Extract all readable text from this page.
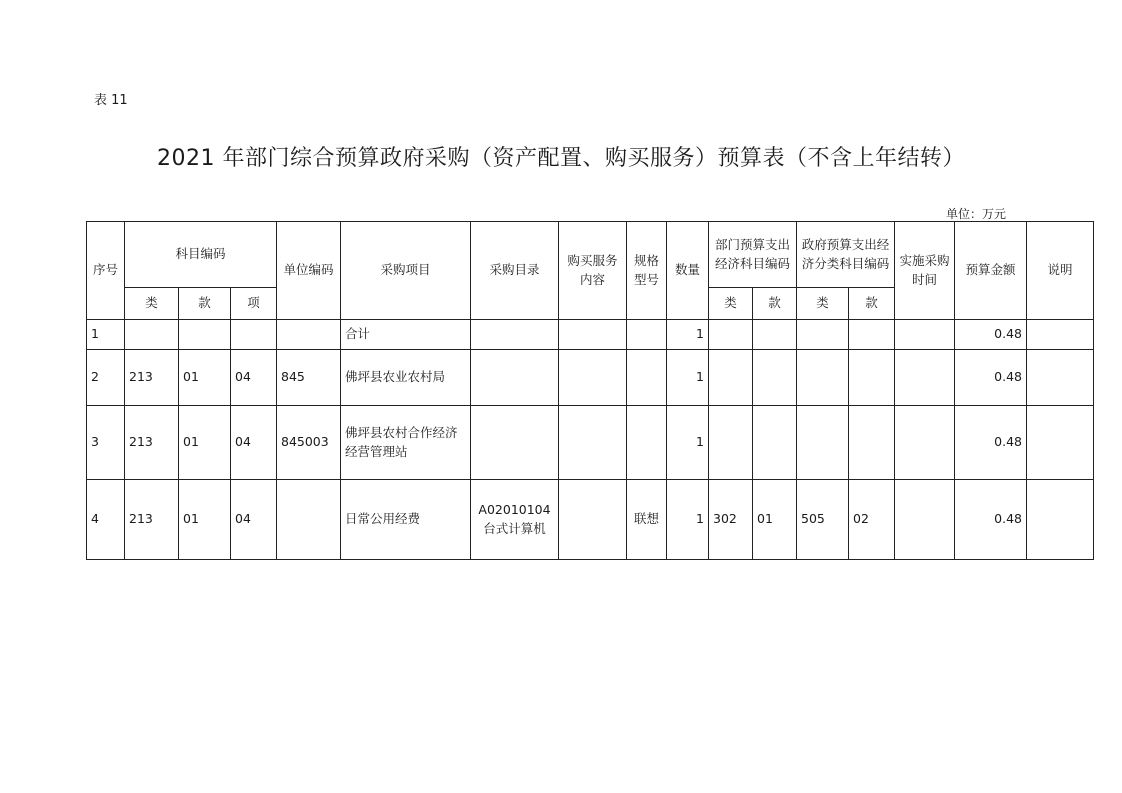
表 11
2021 年部门综合预算政府采购（资产配置、购买服务）预算表（不含上年结转）
单位：万元
序号	科目编码			单位编码	采购项目	采购目录	购买服务内容	规格型号	数量	部门预算支出经济科目编码		政府预算支出经济分类科目编码		实施采购时间	预算金额	说明
	类	款	项							类	款	类	款			
1					合计				1						0.48	
2	213	01	04	845	佛坪县农业农村局				1						0.48	
3	213	01	04	845003	佛坪县农村合作经济经营管理站				1						0.48	
4	213	01	04		日常公用经费	A02010104台式计算机		联想	1	302	01	505	02		0.48	
